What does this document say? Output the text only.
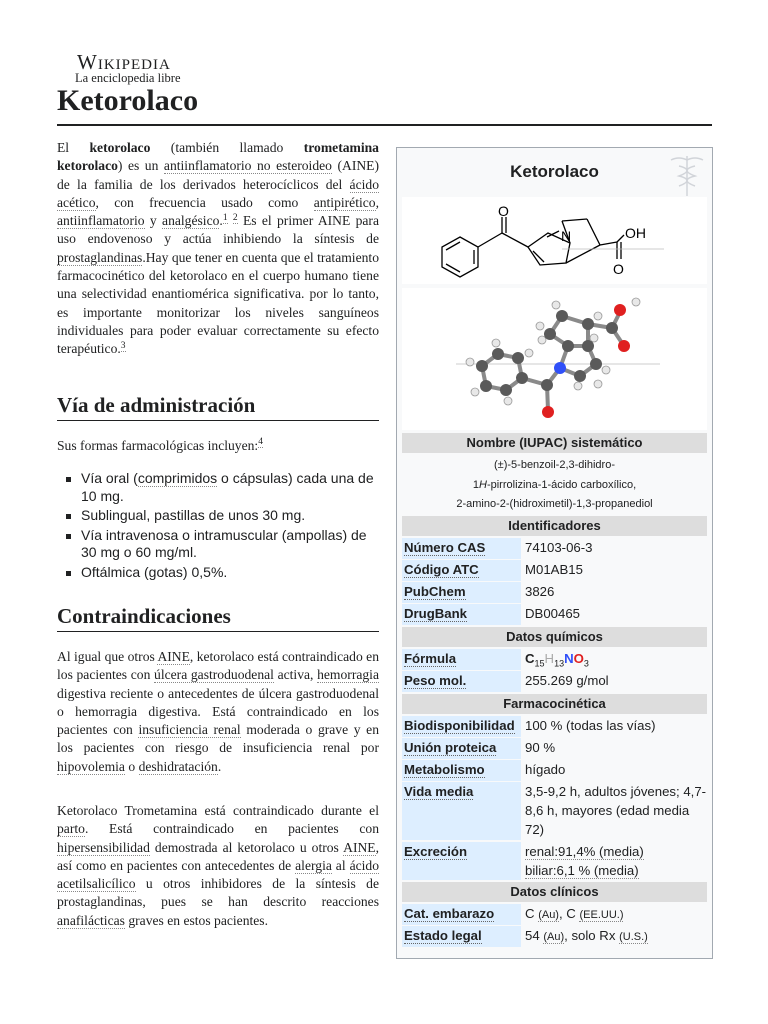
Wikipedia
La enciclopedia libre
Ketorolaco

El ketorolaco (también llamado trometamina ketorolaco) es un antiinflamatorio no esteroideo (AINE) de la familia de los derivados heterocíclicos del ácido acético, con frecuencia usado como antipirético, antiinflamatorio y analgésico.$^1$ $^2$ Es el primer AINE para uso endovenoso y actúa inhibiendo la síntesis de prostaglandinas.Hay que tener en cuenta que el tratamiento farmacocinético del ketorolaco en el cuerpo humano tiene una selectividad enantiomérica significativa. por lo tanto, es importante monitorizar los niveles sanguíneos individuales para poder evaluar correctamente su efecto terapéutico.$^3$

Vía de administración

Sus formas farmacológicas incluyen:$^4$

Vía oral (comprimidos o cápsulas) cada una de 10 mg.
Sublingual, pastillas de unos 30 mg.
Vía intravenosa o intramuscular (ampollas) de 30 mg o 60 mg/ml.
Oftálmica (gotas) 0,5%.
Contraindicaciones

Al igual que otros AINE, ketorolaco está contraindicado en los pacientes con úlcera gastroduodenal activa, hemorragia digestiva reciente o antecedentes de úlcera gastroduodenal o hemorragia digestiva. Está contraindicado en los pacientes con insuficiencia renal moderada o grave y en los pacientes con riesgo de insuficiencia renal por hipovolemia o deshidratación.

Ketorolaco Trometamina está contraindicado durante el parto. Está contraindicado en pacientes con hipersensibilidad demostrada al ketorolaco u otros AINE, así como en pacientes con antecedentes de alergia al ácido acetilsalicílico u otros inhibidores de la síntesis de prostaglandinas, pues se han descrito reacciones anafilácticas graves en estos pacientes.

Ketorolaco
O
N	OH
O
Nombre (IUPAC) sistemático
(±)-5-benzoil-2,3-dihidro-
1H-pirrolizina-1-ácido carboxílico,
2-amino-2-(hidroximetil)-1,3-propanediol
Identificadores
Número CAS	74103-06-3
Código ATC	M01AB15
PubChem	3826
DrugBank	DB00465
Datos químicos
Fórmula	$C_{15}H_{13}NO_3$
Peso mol.	255.269 g/mol
Farmacocinética
Biodisponibilidad 100 % (todas las vías)
Unión proteica	90 %
Metabolismo	hígado
Vida media	3,5-9,2 h, adultos jóvenes; 4,7-8,6 h, mayores (edad media 72)
Excreción	renal:91,4% (media)
biliar:6,1 % (media)
Datos clínicos
Cat. embarazo	C (Au), C (EE.UU.)
Estado legal	54 (Au), solo Rx (U.S.)
